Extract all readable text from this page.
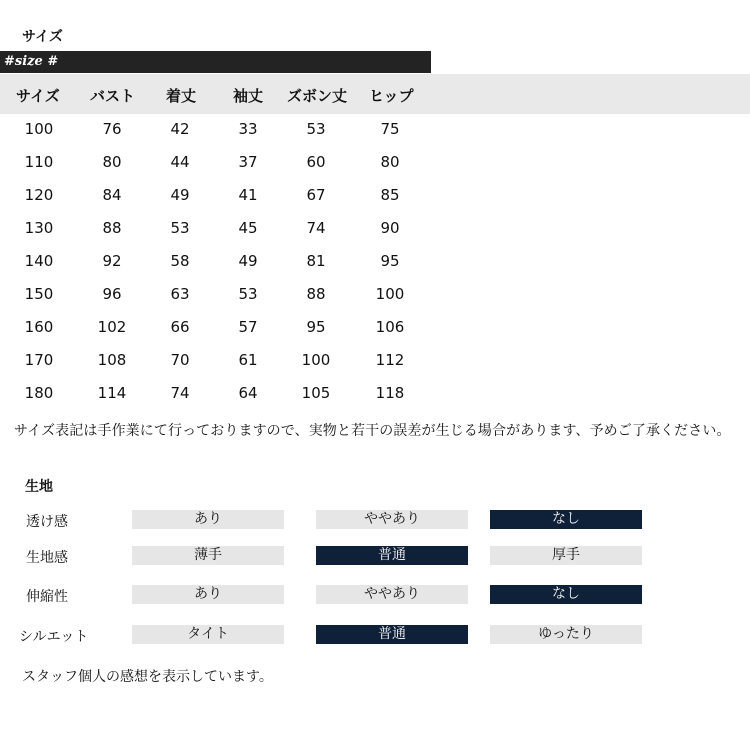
サイズ
#size #
サイズ バスト 着丈 袖丈 ズボン丈 ヒップ
100	76	42	33	53	75
110	80	44	37	60	80
120	84	49	41	67	85
130	88	53	45	74	90
140	92	58	49	81	95
150	96	63	53	88	100
160	102	66	57	95	106
170	108	70	61	100	112
180	114	74	64	105	118
サイズ表記は手作業にて行っておりますので、実物と若干の誤差が生じる場合があります、予めご了承ください。
生地
透け感	あり	ややあり	なし
生地感	薄手	普通	厚手
伸縮性	あり	ややあり	なし
シルエット	タイト	普通	ゆったり
スタッフ個人の感想を表示しています。
